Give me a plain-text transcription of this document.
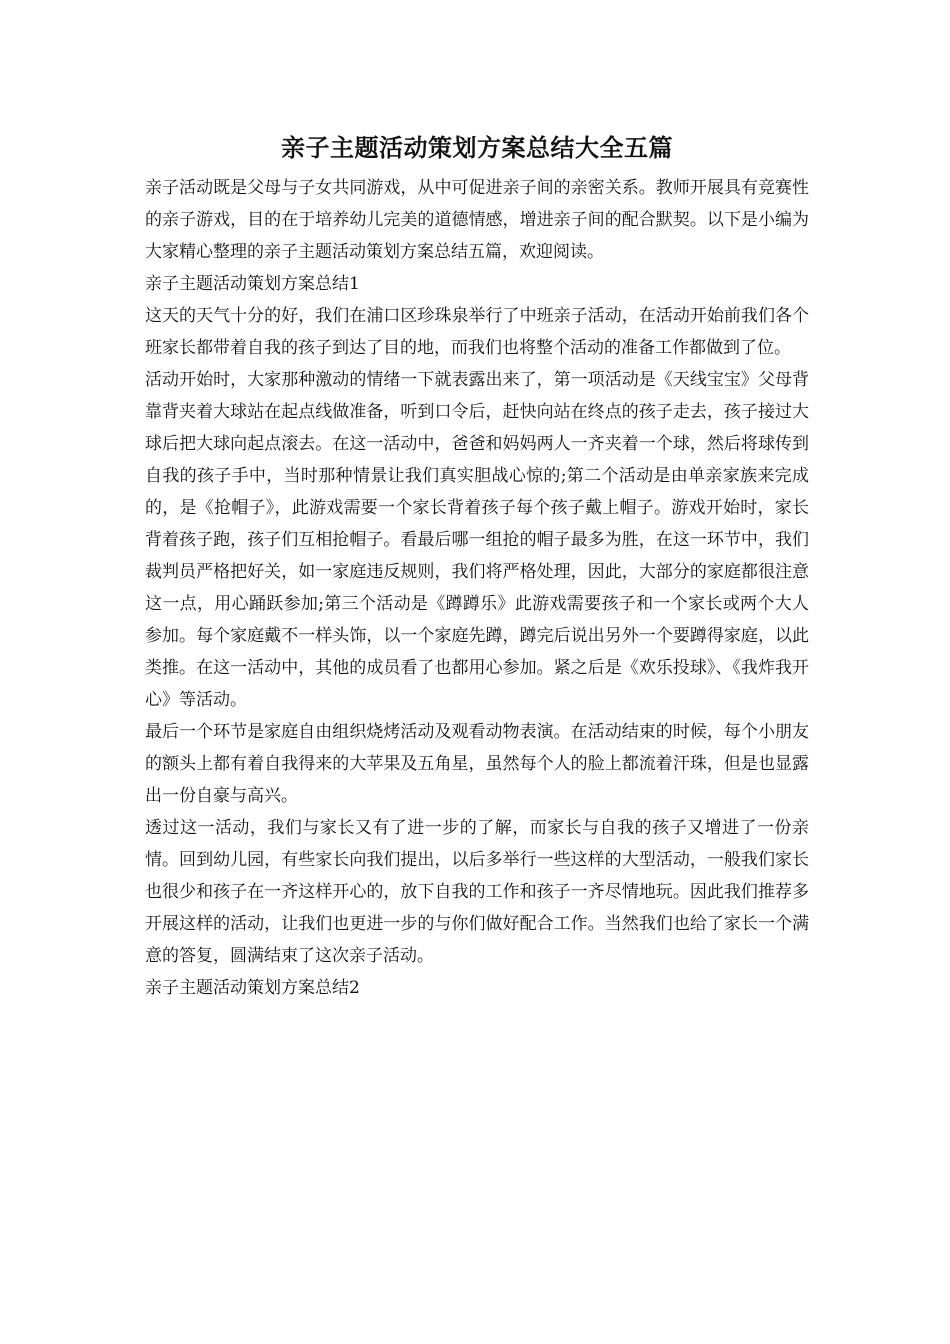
亲子主题活动策划方案总结大全五篇

亲子活动既是父母与子女共同游戏，从中可促进亲子间的亲密关系。教师开展具有竞赛性的亲子游戏，目的在于培养幼儿完美的道德情感，增进亲子间的配合默契。以下是小编为大家精心整理的亲子主题活动策划方案总结五篇，欢迎阅读。

亲子主题活动策划方案总结1

这天的天气十分的好，我们在浦口区珍珠泉举行了中班亲子活动，在活动开始前我们各个班家长都带着自我的孩子到达了目的地，而我们也将整个活动的准备工作都做到了位。

活动开始时，大家那种激动的情绪一下就表露出来了，第一项活动是《天线宝宝》父母背靠背夹着大球站在起点线做准备，听到口令后，赶快向站在终点的孩子走去，孩子接过大球后把大球向起点滚去。在这一活动中，爸爸和妈妈两人一齐夹着一个球，然后将球传到自我的孩子手中，当时那种情景让我们真实胆战心惊的;第二个活动是由单亲家族来完成的，是《抢帽子》，此游戏需要一个家长背着孩子每个孩子戴上帽子。游戏开始时，家长背着孩子跑，孩子们互相抢帽子。看最后哪一组抢的帽子最多为胜，在这一环节中，我们裁判员严格把好关，如一家庭违反规则，我们将严格处理，因此，大部分的家庭都很注意这一点，用心踊跃参加;第三个活动是《蹲蹲乐》此游戏需要孩子和一个家长或两个大人参加。每个家庭戴不一样头饰，以一个家庭先蹲，蹲完后说出另外一个要蹲得家庭，以此类推。在这一活动中，其他的成员看了也都用心参加。紧之后是《欢乐投球》、《我炸我开心》等活动。

最后一个环节是家庭自由组织烧烤活动及观看动物表演。在活动结束的时候，每个小朋友的额头上都有着自我得来的大苹果及五角星，虽然每个人的脸上都流着汗珠，但是也显露出一份自豪与高兴。

透过这一活动，我们与家长又有了进一步的了解，而家长与自我的孩子又增进了一份亲情。回到幼儿园，有些家长向我们提出，以后多举行一些这样的大型活动，一般我们家长也很少和孩子在一齐这样开心的，放下自我的工作和孩子一齐尽情地玩。因此我们推荐多开展这样的活动，让我们也更进一步的与你们做好配合工作。当然我们也给了家长一个满意的答复，圆满结束了这次亲子活动。

亲子主题活动策划方案总结2
